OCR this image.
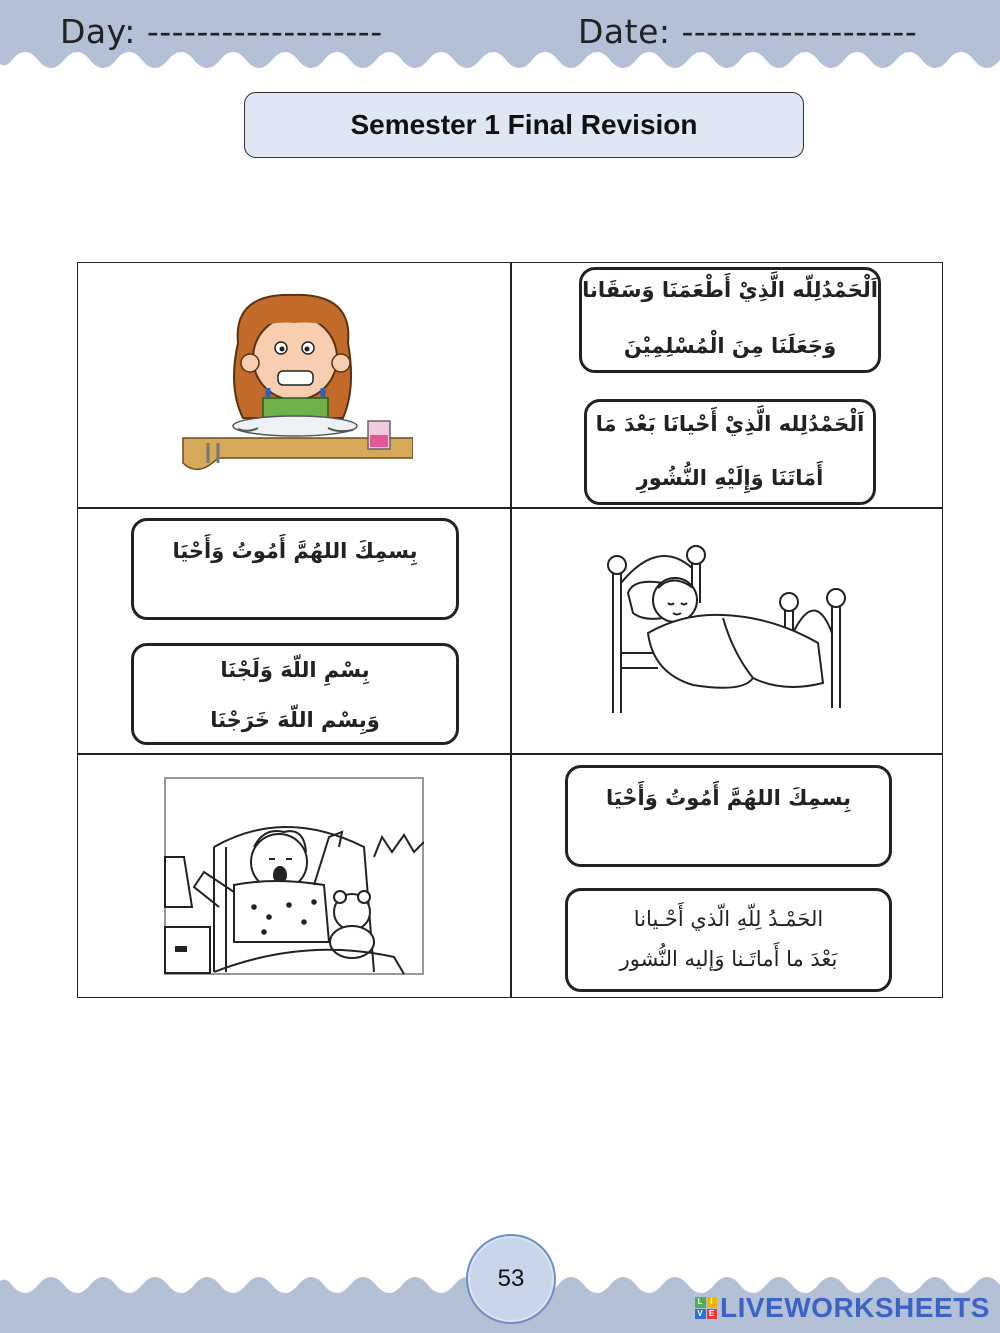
Day: -------------------	Date: -------------------
Semester 1 Final Revision
اَلْحَمْدُلِلّه الَّذِيْ أَطْعَمَنَا وَسَقَانا
وَجَعَلَنَا مِنَ الْمُسْلِمِيْنَ
اَلْحَمْدُلِله الَّذِيْ أَحْيانَا بَعْدَ مَا
أَمَاتَنَا وَإِلَيْهِ النُّشُورِ
بِسمِكَ اللهُمَّ أَمُوتُ وَأَحْيَا
بِسْمِ اللّهَ وَلَجْنَا
وَبِسْم اللّهَ خَرَجْنَا
بِسمِكَ اللهُمَّ أَمُوتُ وَأَحْيَا
الحَمْـدُ لِلّهِ الّذي أَحْـيانا
بَعْدَ ما أَماتَـنا وَإليه النُّشور
53
L I
V E LIVEWORKSHEETS
